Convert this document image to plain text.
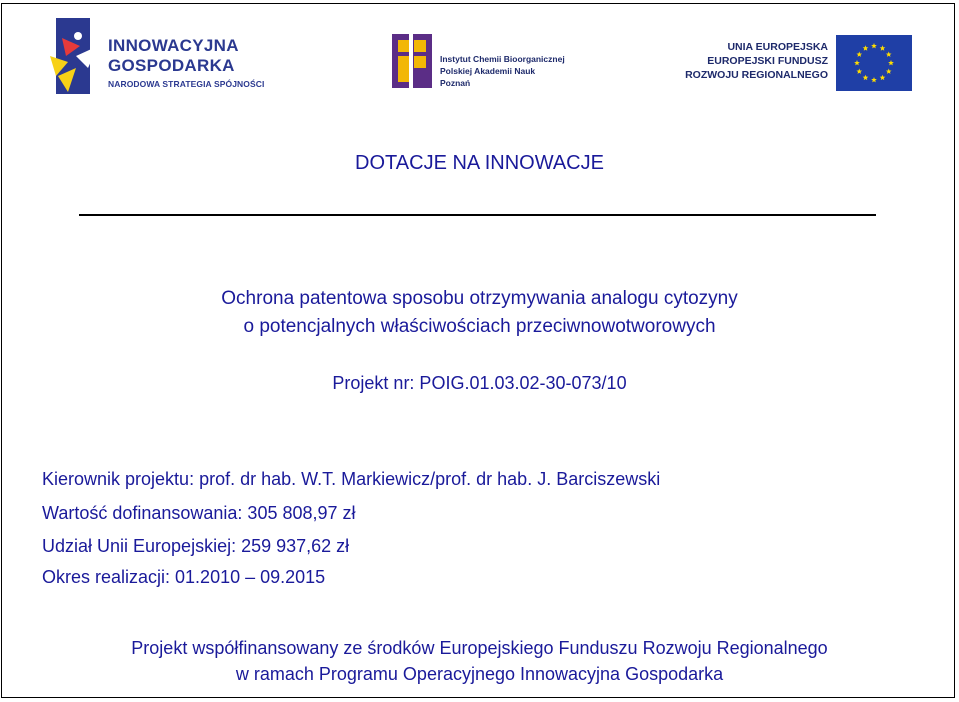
INNOWACYJNA
GOSPODARKA
NARODOWA STRATEGIA SPÓJNOŚCI
Instytut Chemii Bioorganicznej
Polskiej Akademii Nauk
Poznań
UNIA EUROPEJSKA
EUROPEJSKI FUNDUSZ
ROZWOJU REGIONALNEGO
DOTACJE NA INNOWACJE
Ochrona patentowa sposobu otrzymywania analogu cytozyny
o potencjalnych właściwościach przeciwnowotworowych
Projekt nr: POIG.01.03.02-30-073/10
Kierownik projektu: prof. dr hab. W.T. Markiewicz/prof. dr hab. J. Barciszewski
Wartość dofinansowania: 305 808,97 zł
Udział Unii Europejskiej: 259 937,62 zł
Okres realizacji: 01.2010 – 09.2015
Projekt współfinansowany ze środków Europejskiego Funduszu Rozwoju Regionalnego
w ramach Programu Operacyjnego Innowacyjna Gospodarka
